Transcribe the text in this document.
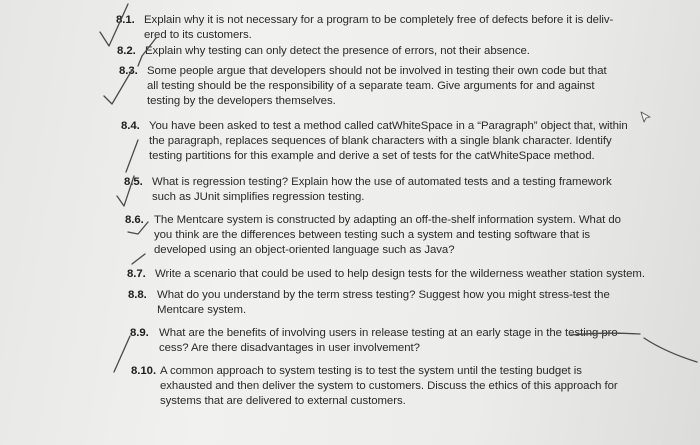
8.1. Explain why it is not necessary for a program to be completely free of defects before it is deliv-
ered to its customers.
8.2. Explain why testing can only detect the presence of errors, not their absence.
8.3. Some people argue that developers should not be involved in testing their own code but that
all testing should be the responsibility of a separate team. Give arguments for and against
testing by the developers themselves.
8.4. You have been asked to test a method called catWhiteSpace in a “Paragraph” object that, within
the paragraph, replaces sequences of blank characters with a single blank character. Identify
testing partitions for this example and derive a set of tests for the catWhiteSpace method.
8.5. What is regression testing? Explain how the use of automated tests and a testing framework
such as JUnit simplifies regression testing.
8.6. The Mentcare system is constructed by adapting an off-the-shelf information system. What do
you think are the differences between testing such a system and testing software that is
developed using an object-oriented language such as Java?
8.7. Write a scenario that could be used to help design tests for the wilderness weather station system.
8.8. What do you understand by the term stress testing? Suggest how you might stress-test the
Mentcare system.
8.9. What are the benefits of involving users in release testing at an early stage in the testing pro-
cess? Are there disadvantages in user involvement?
8.10. A common approach to system testing is to test the system until the testing budget is
exhausted and then deliver the system to customers. Discuss the ethics of this approach for
systems that are delivered to external customers.
